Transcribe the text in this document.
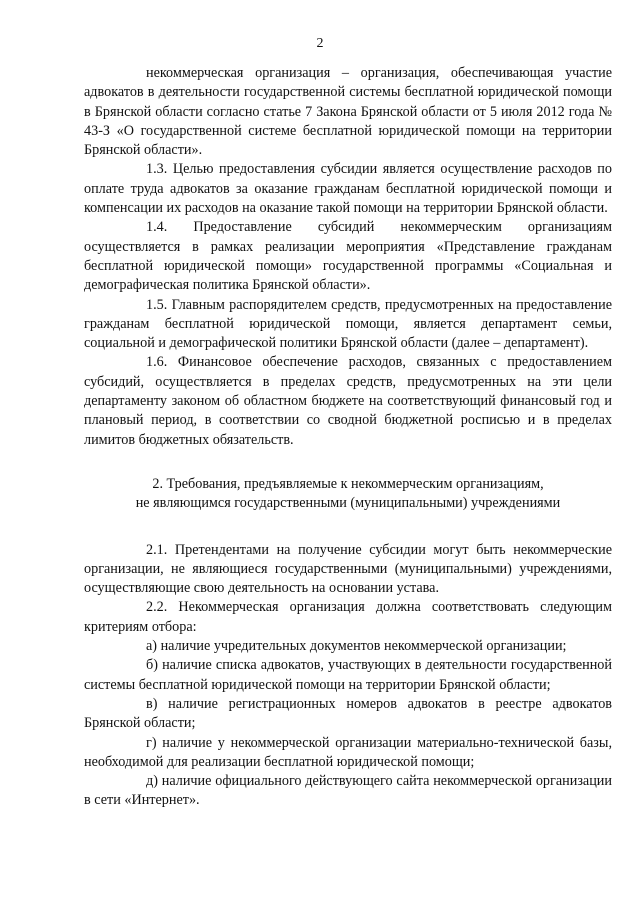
2

некоммерческая организация – организация, обеспечивающая участие адвокатов в деятельности государственной системы бесплатной юридической помощи в Брянской области согласно статье 7 Закона Брянской области от 5 июля 2012 года № 43-З «О государственной системе бесплатной юридической помощи на территории Брянской области».

1.3. Целью предоставления субсидии является осуществление расходов по оплате труда адвокатов за оказание гражданам бесплатной юридической помощи и компенсации их расходов на оказание такой помощи на территории Брянской области.

1.4. Предоставление субсидий некоммерческим организациям осуществляется в рамках реализации мероприятия «Представление гражданам бесплатной юридической помощи» государственной программы «Социальная и демографическая политика Брянской области».

1.5. Главным распорядителем средств, предусмотренных на предоставление гражданам бесплатной юридической помощи, является департамент семьи, социальной и демографической политики Брянской области (далее – департамент).

1.6. Финансовое обеспечение расходов, связанных с предоставлением субсидий, осуществляется в пределах средств, предусмотренных на эти цели департаменту законом об областном бюджете на соответствующий финансовый год и плановый период, в соответствии со сводной бюджетной росписью и в пределах лимитов бюджетных обязательств.

2. Требования, предъявляемые к некоммерческим организациям,
не являющимся государственными (муниципальными) учреждениями

2.1. Претендентами на получение субсидии могут быть некоммерческие организации, не являющиеся государственными (муниципальными) учреждениями, осуществляющие свою деятельность на основании устава.

2.2. Некоммерческая организация должна соответствовать следующим критериям отбора:

а) наличие учредительных документов некоммерческой организации;

б) наличие списка адвокатов, участвующих в деятельности государственной системы бесплатной юридической помощи на территории Брянской области;

в) наличие регистрационных номеров адвокатов в реестре адвокатов Брянской области;

г) наличие у некоммерческой организации материально-технической базы, необходимой для реализации бесплатной юридической помощи;

д) наличие официального действующего сайта некоммерческой организации в сети «Интернет».
